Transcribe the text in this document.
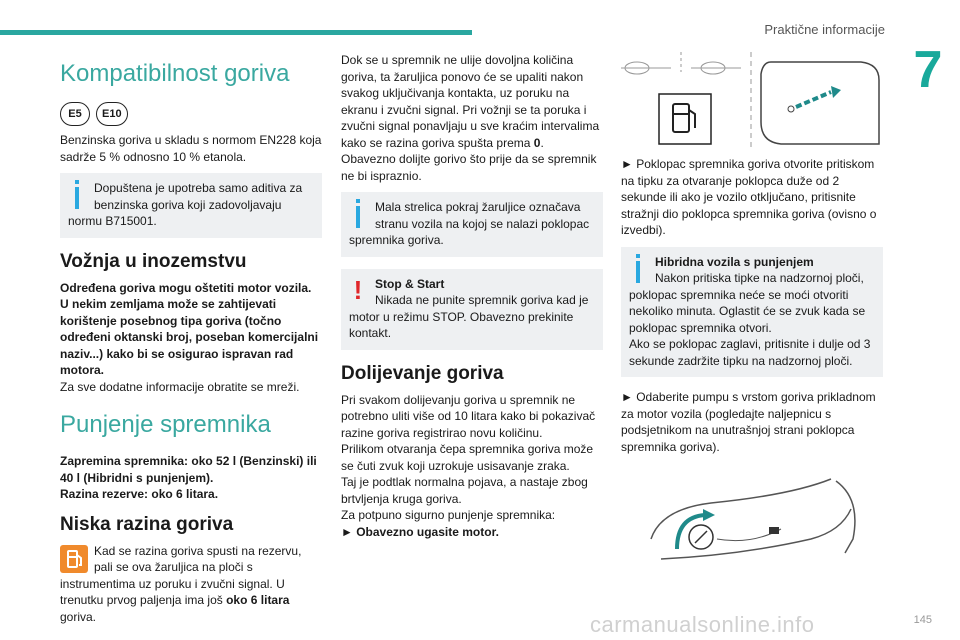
Praktične informacije
7
Kompatibilnost goriva
E5	E10

Benzinska goriva u skladu s normom EN228 koja sadrže 5 % odnosno 10 % etanola.

Dopuštena je upotreba samo aditiva za benzinska goriva koji zadovoljavaju normu B715001.
Vožnja u inozemstvu

Određena goriva mogu oštetiti motor vozila. U nekim zemljama može se zahtijevati korištenje posebnog tipa goriva (točno određeni oktanski broj, poseban komercijalni naziv...) kako bi se osigurao ispravan rad motora.

Za sve dodatne informacije obratite se mreži.

Punjenje spremnika

Zapremina spremnika: oko 52 l (Benzinski) ili 40 l (Hibridni s punjenjem).

Razina rezerve: oko 6 litara.

Niska razina goriva

Kad se razina goriva spusti na rezervu, pali se ova žaruljica na ploči s instrumentima uz poruku i zvučni signal. U trenutku prvog paljenja ima još oko 6 litara goriva.

Dok se u spremnik ne ulije dovoljna količina goriva, ta žaruljica ponovo će se upaliti nakon svakog uključivanja kontakta, uz poruku na ekranu i zvučni signal. Pri vožnji se ta poruka i zvučni signal ponavljaju u sve kraćim intervalima kako se razina goriva spušta prema 0.
Obavezno dolijte gorivo što prije da se spremnik ne bi ispraznio.

Mala strelica pokraj žaruljice označava stranu vozila na kojoj se nalazi poklopac spremnika goriva.
!	Stop & Start
Nikada ne punite spremnik goriva kad je motor u režimu STOP. Obavezno prekinite kontakt.
Dolijevanje goriva

Pri svakom dolijevanju goriva u spremnik ne potrebno uliti više od 10 litara kako bi pokazivač razine goriva registrirao novu količinu.

Prilikom otvaranja čepa spremnika goriva može se čuti zvuk koji uzrokuje usisavanje zraka.

Taj je podtlak normalna pojava, a nastaje zbog brtvljenja kruga goriva.

Za potpuno sigurno punjenje spremnika:

► Obavezno ugasite motor.

► Poklopac spremnika goriva otvorite pritiskom na tipku za otvaranje poklopca duže od 2 sekunde ili ako je vozilo otključano, pritisnite stražnji dio poklopca spremnika goriva (ovisno o izvedbi).

Hibridna vozila s punjenjem
Nakon pritiska tipke na nadzornoj ploči, poklopac spremnika neće se moći otvoriti nekoliko minuta. Oglastit će se zvuk kada se poklopac spremnika otvori.
Ako se poklopac zaglavi, pritisnite i dulje od 3 sekunde zadržite tipku na nadzornoj ploči.

► Odaberite pumpu s vrstom goriva prikladnom za motor vozila (pogledajte naljepnicu s podsjetnikom na unutrašnjoj strani poklopca spremnika goriva).

carmanualsonline.info	145
